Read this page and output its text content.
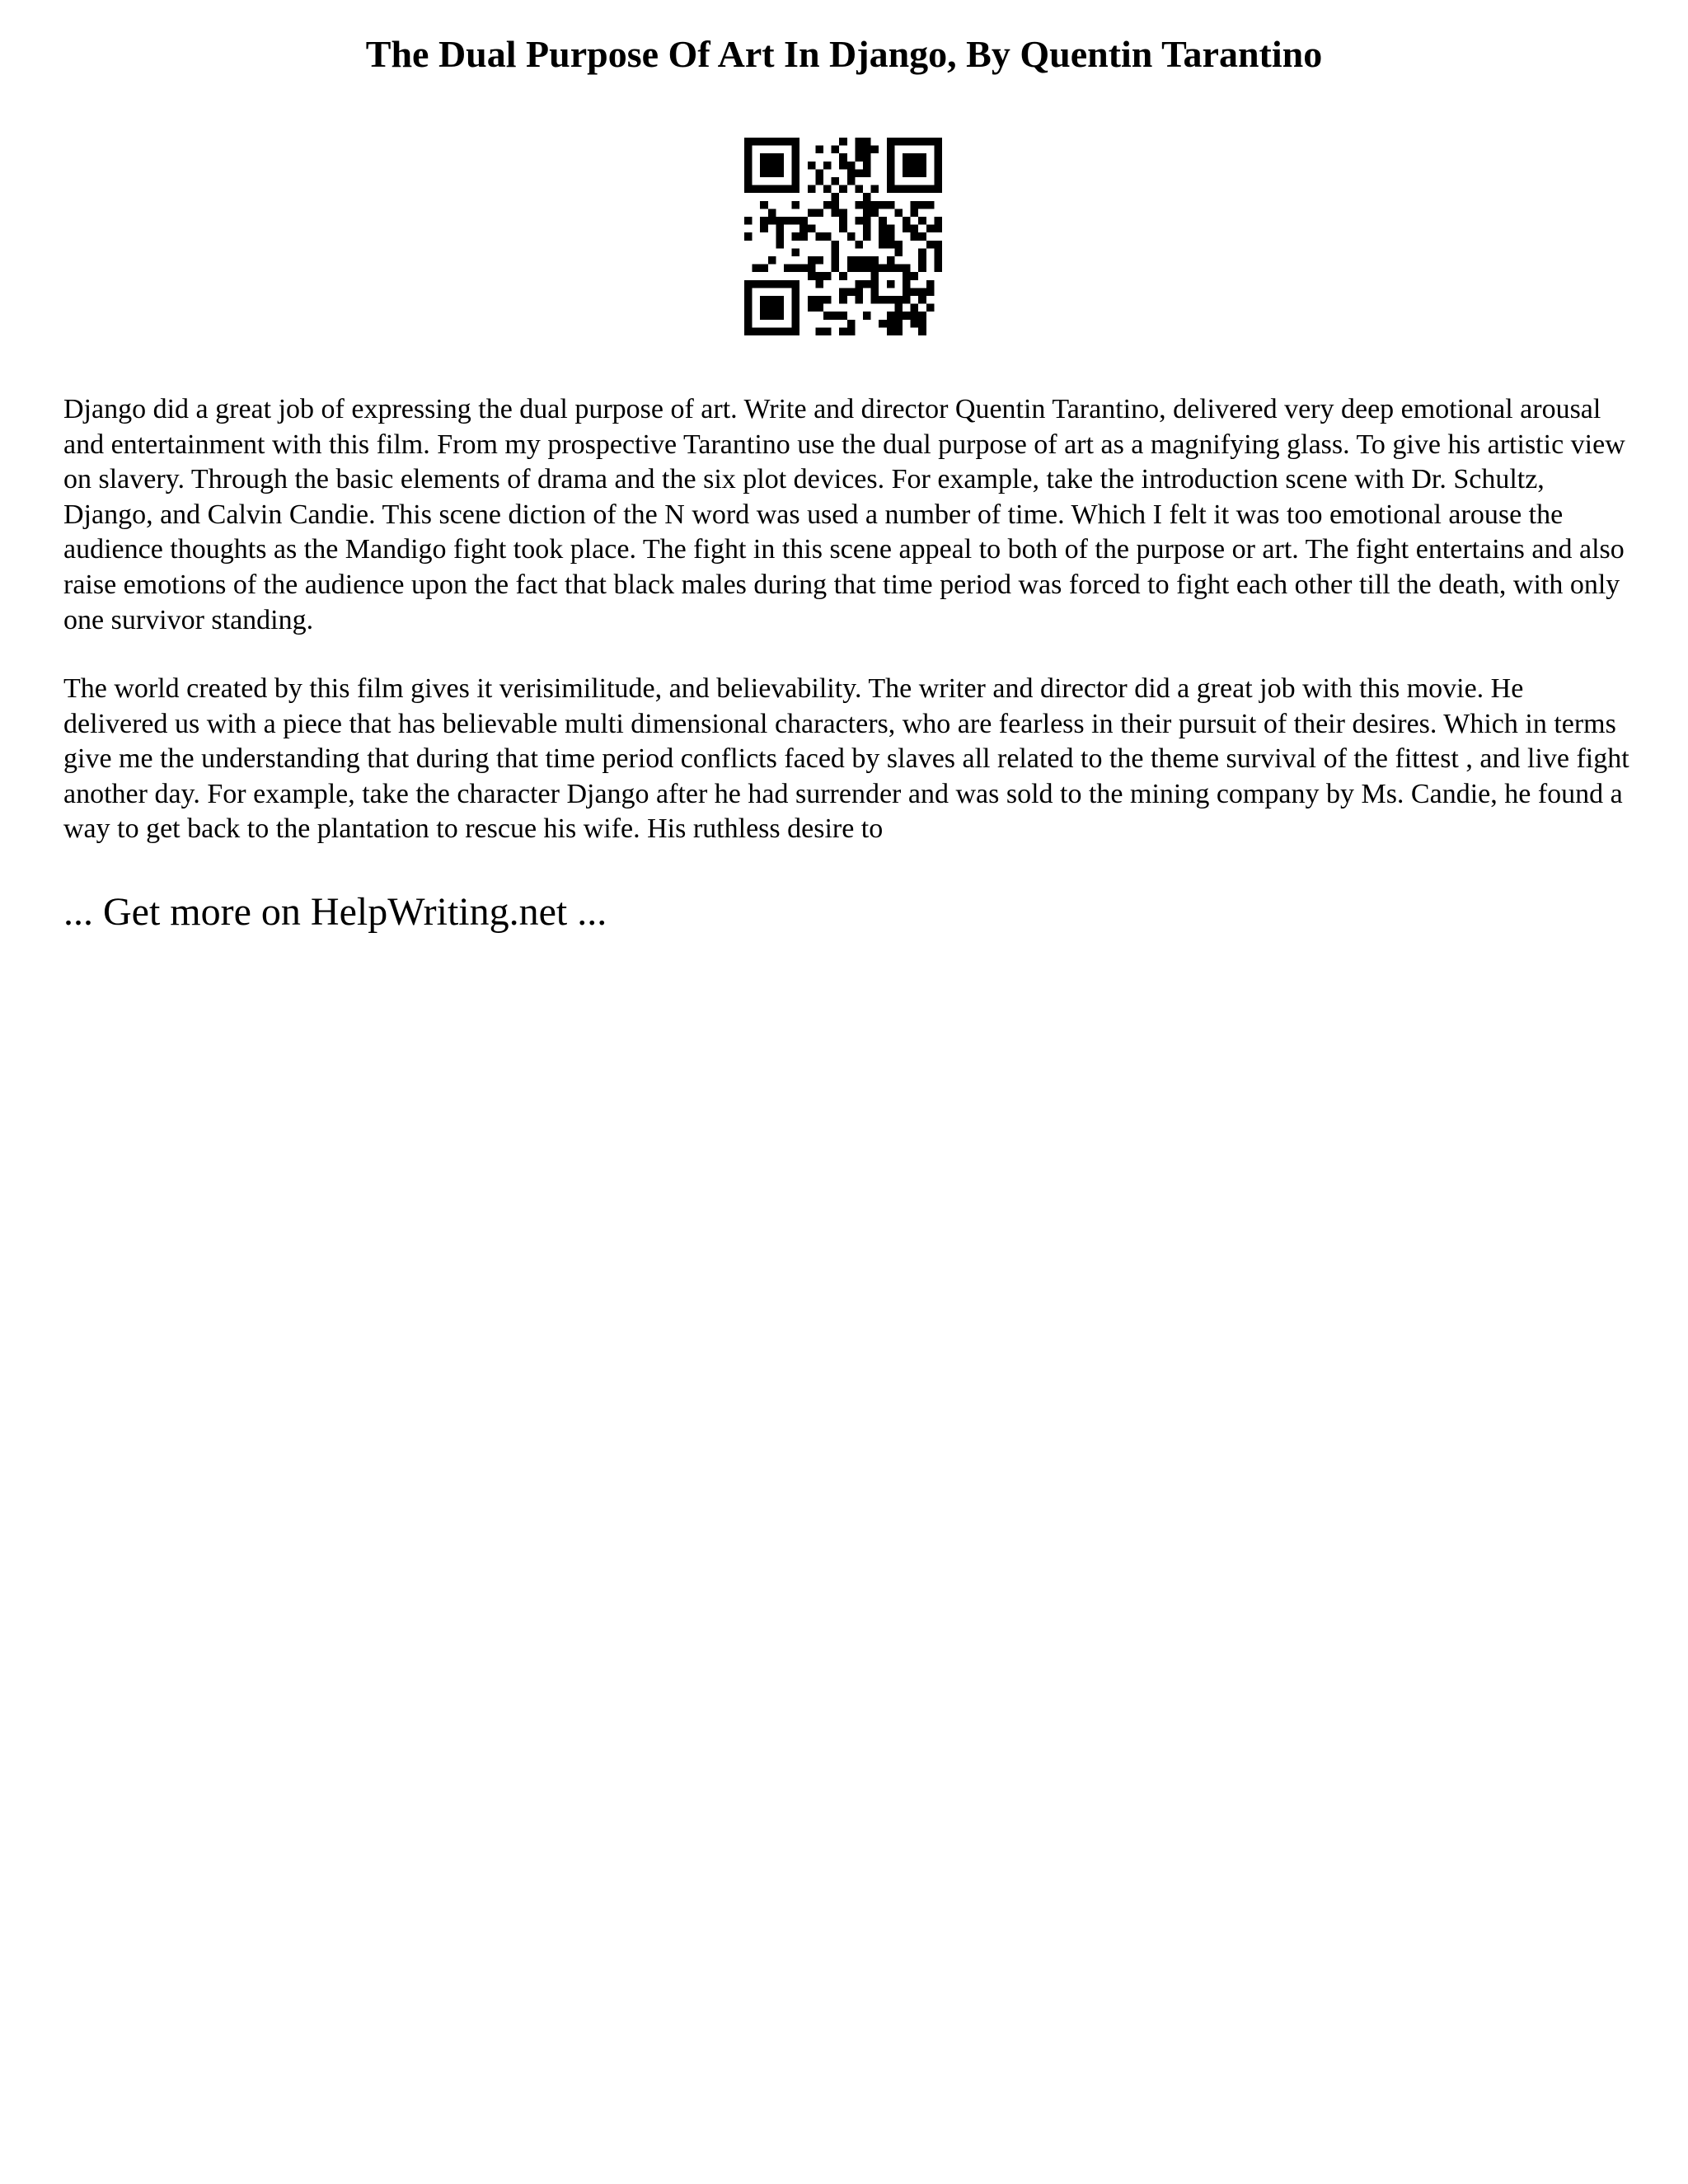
The Dual Purpose Of Art In Django, By Quentin Tarantino

Django did a great job of expressing the dual purpose of art. Write and director Quentin Tarantino, delivered very deep emotional arousal and entertainment with this film. From my prospective Tarantino use the dual purpose of art as a magnifying glass. To give his artistic view on slavery. Through the basic elements of drama and the six plot devices. For example, take the introduction scene with Dr. Schultz, Django, and Calvin Candie. This scene diction of the N word was used a number of time. Which I felt it was too emotional arouse the audience thoughts as the Mandigo fight took place. The fight in this scene appeal to both of the purpose or art. The fight entertains and also raise emotions of the audience upon the fact that black males during that time period was forced to fight each other till the death, with only one survivor standing.

The world created by this film gives it verisimilitude, and believability. The writer and director did a great job with this movie. He delivered us with a piece that has believable multi dimensional characters, who are fearless in their pursuit of their desires. Which in terms give me the understanding that during that time period conflicts faced by slaves all related to the theme survival of the fittest , and live fight another day. For example, take the character Django after he had surrender and was sold to the mining company by Ms. Candie, he found a way to get back to the plantation to rescue his wife. His ruthless desire to

... Get more on HelpWriting.net ...
